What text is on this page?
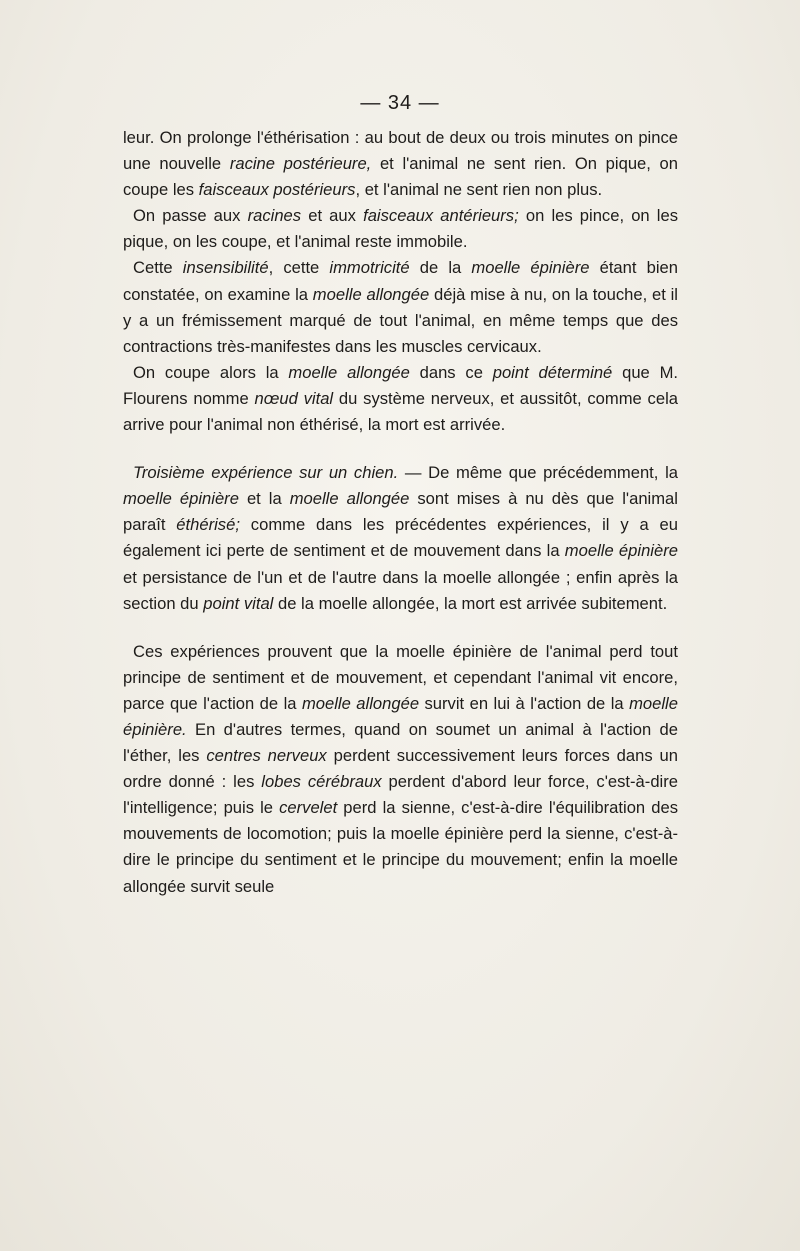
— 34 —

leur. On prolonge l'éthérisation : au bout de deux ou trois minutes on pince une nouvelle racine postérieure, et l'animal ne sent rien. On pique, on coupe les faisceaux postérieurs, et l'animal ne sent rien non plus.

On passe aux racines et aux faisceaux antérieurs; on les pince, on les pique, on les coupe, et l'animal reste immobile.

Cette insensibilité, cette immotricité de la moelle épinière étant bien constatée, on examine la moelle allongée déjà mise à nu, on la touche, et il y a un frémissement marqué de tout l'animal, en même temps que des contractions très-manifestes dans les muscles cervicaux.

On coupe alors la moelle allongée dans ce point déterminé que M. Flourens nomme nœud vital du système nerveux, et aussitôt, comme cela arrive pour l'animal non éthérisé, la mort est arrivée.

Troisième expérience sur un chien. — De même que précédemment, la moelle épinière et la moelle allongée sont mises à nu dès que l'animal paraît éthérisé; comme dans les précédentes expériences, il y a eu également ici perte de sentiment et de mouvement dans la moelle épinière et persistance de l'un et de l'autre dans la moelle allongée ; enfin après la section du point vital de la moelle allongée, la mort est arrivée subitement.

Ces expériences prouvent que la moelle épinière de l'animal perd tout principe de sentiment et de mouvement, et cependant l'animal vit encore, parce que l'action de la moelle allongée survit en lui à l'action de la moelle épinière. En d'autres termes, quand on soumet un animal à l'action de l'éther, les centres nerveux perdent successivement leurs forces dans un ordre donné : les lobes cérébraux perdent d'abord leur force, c'est-à-dire l'intelligence; puis le cervelet perd la sienne, c'est-à-dire l'équilibration des mouvements de locomotion; puis la moelle épinière perd la sienne, c'est-à-dire le principe du sentiment et le principe du mouvement; enfin la moelle allongée survit seule
